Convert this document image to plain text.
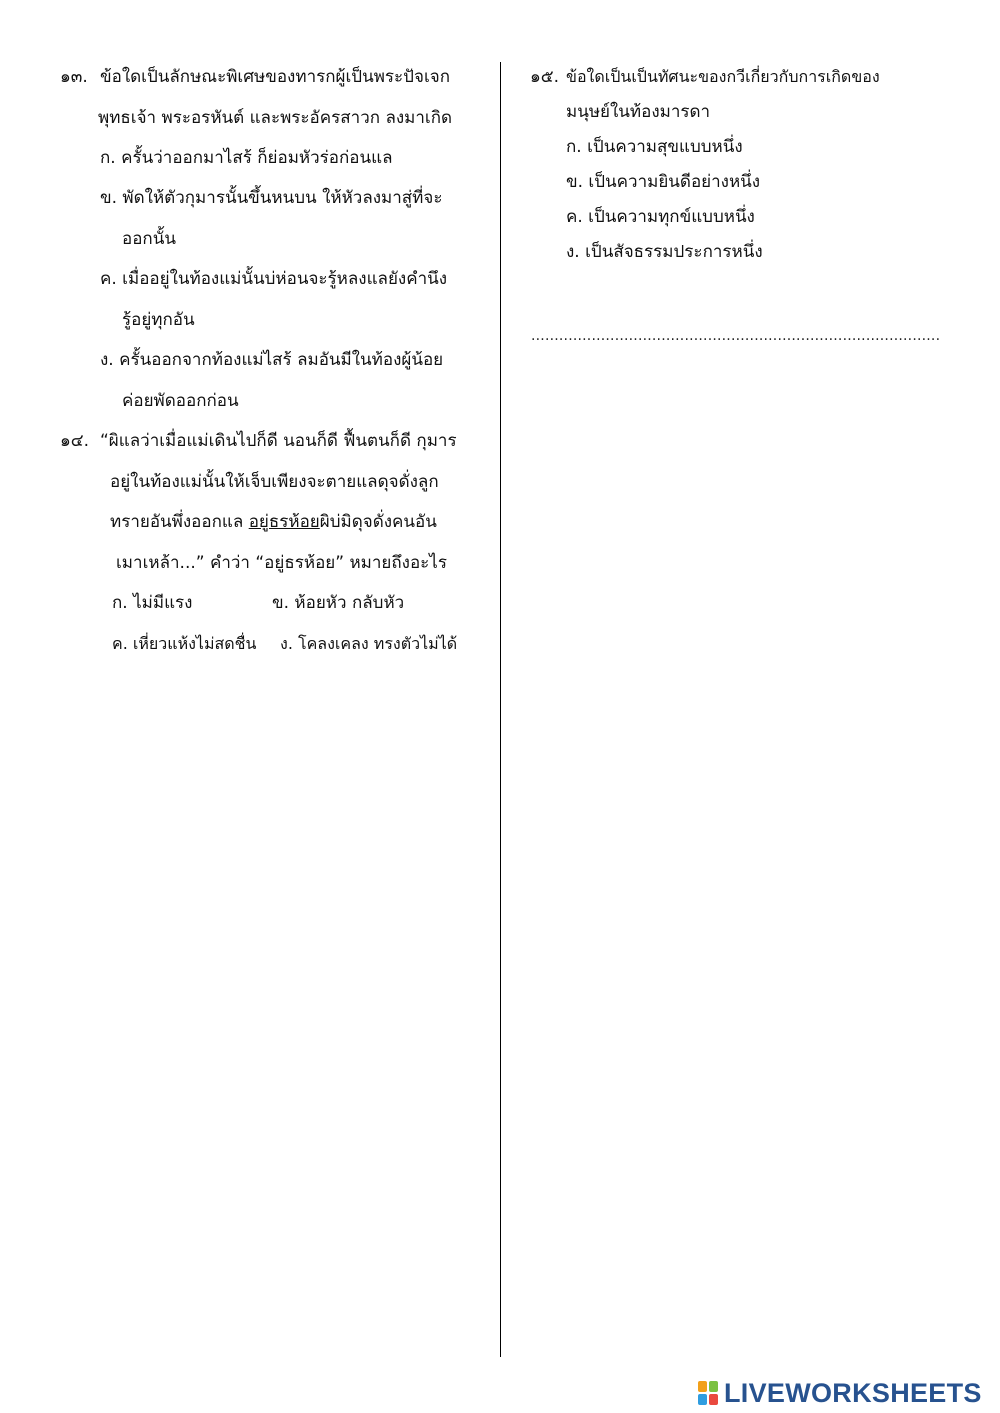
๑๓. ข้อใดเป็นลักษณะพิเศษของทารกผู้เป็นพระปัจเจก
พุทธเจ้า พระอรหันต์ และพระอัครสาวก ลงมาเกิด
ก. ครั้นว่าออกมาไสร้ ก็ย่อมหัวร่อก่อนแล
ข. พัดให้ตัวกุมารนั้นขึ้นหนบน ให้หัวลงมาสู่ที่จะ
ออกนั้น
ค. เมื่ออยู่ในท้องแม่นั้นบ่ห่อนจะรู้หลงแลยังคำนึง
รู้อยู่ทุกอัน
ง. ครั้นออกจากท้องแม่ไสร้ ลมอันมีในท้องผู้น้อย
ค่อยพัดออกก่อน
๑๔. “ผิแลว่าเมื่อแม่เดินไปก็ดี นอนก็ดี ฟื้นตนก็ดี กุมาร
อยู่ในท้องแม่นั้นให้เจ็บเพียงจะตายแลดุจดั่งลูก
ทรายอันพึ่งออกแล อยู่ธรห้อยผิบ่มิดุจดั่งคนอัน
เมาเหล้า...” คำว่า “อยู่ธรห้อย” หมายถึงอะไร
ก. ไม่มีแรง	ข. ห้อยหัว กลับหัว
ค. เหี่ยวแห้งไม่สดชื่น ง. โคลงเคลง ทรงตัวไม่ได้
๑๕. ข้อใดเป็นเป็นทัศนะของกวีเกี่ยวกับการเกิดของ
มนุษย์ในท้องมารดา
ก. เป็นความสุขแบบหนึ่ง
ข. เป็นความยินดีอย่างหนึ่ง
ค. เป็นความทุกข์แบบหนึ่ง
ง. เป็นสัจธรรมประการหนึ่ง
........................................................................................
LIVEWORKSHEETS
